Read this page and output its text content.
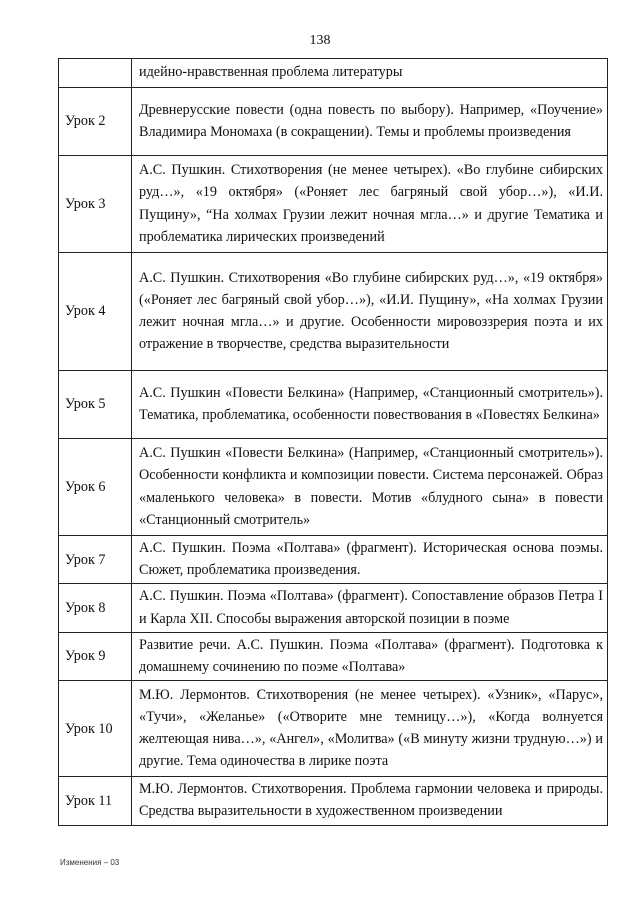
138
	идейно-нравственная проблема литературы
Урок 2	Древнерусские повести (одна повесть по выбору). Например, «Поучение» Владимира Мономаха (в сокращении). Темы и проблемы произведения
Урок 3	А.С. Пушкин. Стихотворения (не менее четырех). «Во глубине сибирских руд…», «19 октября» («Роняет лес багряный свой убор…»), «И.И. Пущину», “На холмах Грузии лежит ночная мгла…» и другие Тематика и проблематика лирических произведений
Урок 4	А.С. Пушкин. Стихотворения «Во глубине сибирских руд…», «19 октября» («Роняет лес багряный свой убор…»), «И.И. Пущину», «На холмах Грузии лежит ночная мгла…» и другие. Особенности мировоззрерия поэта и их отражение в творчестве, средства выразительности
Урок 5	А.С. Пушкин «Повести Белкина» (Например, «Станционный смотритель»). Тематика, проблематика, особенности повествования в «Повестях Белкина»
Урок 6	А.С. Пушкин «Повести Белкина» (Например, «Станционный смотритель»). Особенности конфликта и композиции повести. Система персонажей. Образ «маленького человека» в повести. Мотив «блудного сына» в повести «Станционный смотритель»
Урок 7	А.С. Пушкин. Поэма «Полтава» (фрагмент). Историческая основа поэмы. Сюжет, проблематика произведения.
Урок 8	А.С. Пушкин. Поэма «Полтава» (фрагмент). Сопоставление образов Петра I и Карла XII. Способы выражения авторской позиции в поэме
Урок 9	Развитие речи. А.С. Пушкин. Поэма «Полтава» (фрагмент). Подготовка к домашнему сочинению по поэме «Полтава»
Урок 10	М.Ю. Лермонтов. Стихотворения (не менее четырех). «Узник», «Парус», «Тучи», «Желанье» («Отворите мне темницу…»), «Когда волнуется желтеющая нива…», «Ангел», «Молитва» («В минуту жизни трудную…») и другие. Тема одиночества в лирике поэта
Урок 11	М.Ю. Лермонтов. Стихотворения. Проблема гармонии человека и природы. Средства выразительности в художественном произведении
Изменения – 03
